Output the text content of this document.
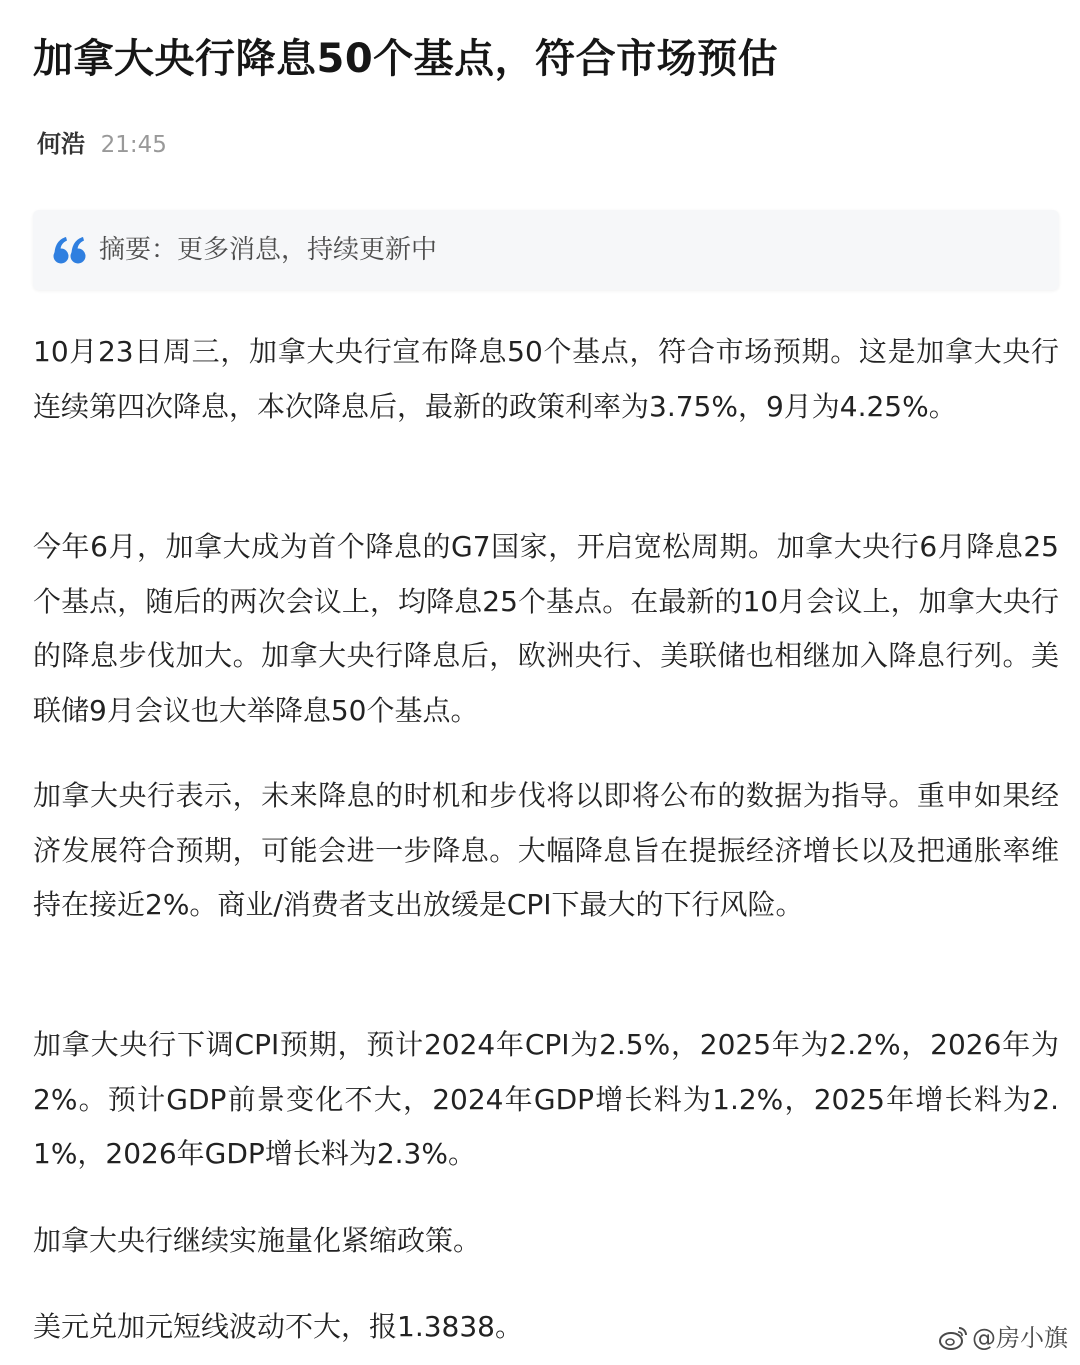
加拿大央行降息50个基点，符合市场预估
何浩 21:45
摘要：更多消息，持续更新中

10月23日周三，加拿大央行宣布降息50个基点，符合市场预期。这是加拿大央行连续第四次降息，本次降息后，最新的政策利率为3.75%，9月为4.25%。

今年6月，加拿大成为首个降息的G7国家，开启宽松周期。加拿大央行6月降息25个基点，随后的两次会议上，均降息25个基点。在最新的10月会议上，加拿大央行的降息步伐加大。加拿大央行降息后，欧洲央行、美联储也相继加入降息行列。美联储9月会议也大举降息50个基点。

加拿大央行表示，未来降息的时机和步伐将以即将公布的数据为指导。重申如果经济发展符合预期，可能会进一步降息。大幅降息旨在提振经济增长以及把通胀率维持在接近2%。商业/消费者支出放缓是CPI下最大的下行风险。

加拿大央行下调CPI预期，预计2024年CPI为2.5%，2025年为2.2%，2026年为2%。预计GDP前景变化不大，2024年GDP增长料为1.2%，2025年增长料为2.1%，2026年GDP增长料为2.3%。

加拿大央行继续实施量化紧缩政策。

美元兑加元短线波动不大，报1.3838。	@房小旗
